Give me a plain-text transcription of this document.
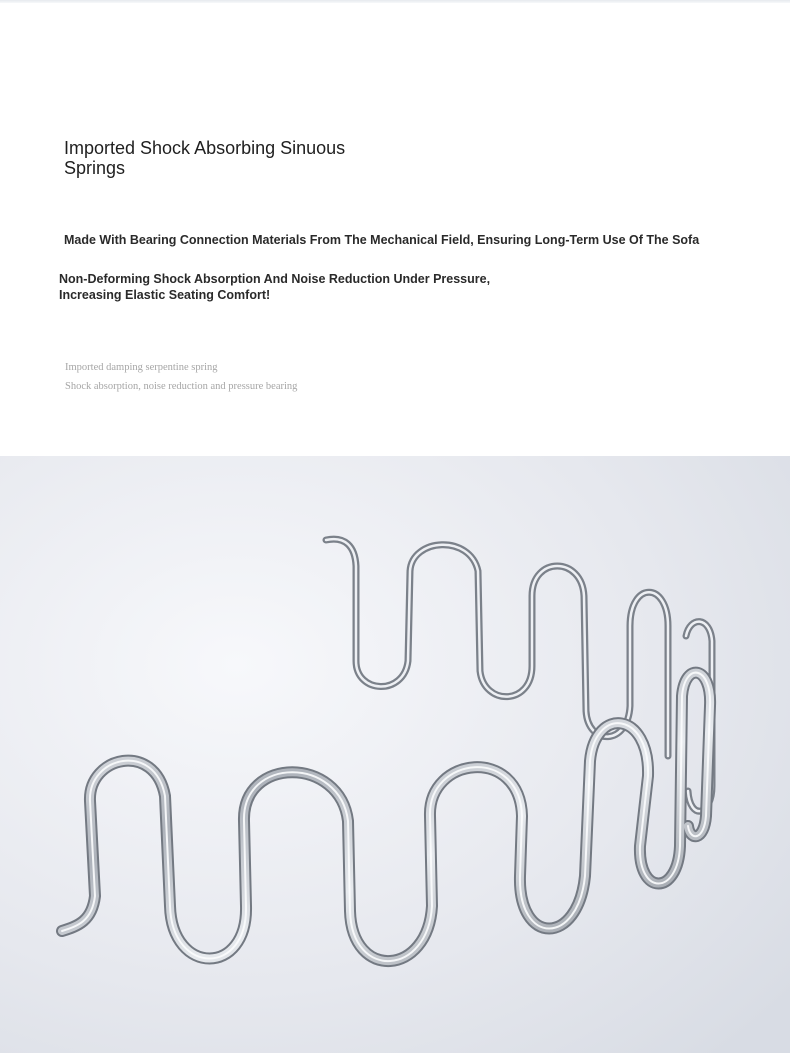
Imported Shock Absorbing Sinuous Springs

Made With Bearing Connection Materials From The Mechanical Field, Ensuring Long-Term Use Of The Sofa

Non-Deforming Shock Absorption And Noise Reduction Under Pressure,
Increasing Elastic Seating Comfort!

Imported damping serpentine spring

Shock absorption, noise reduction and pressure bearing
